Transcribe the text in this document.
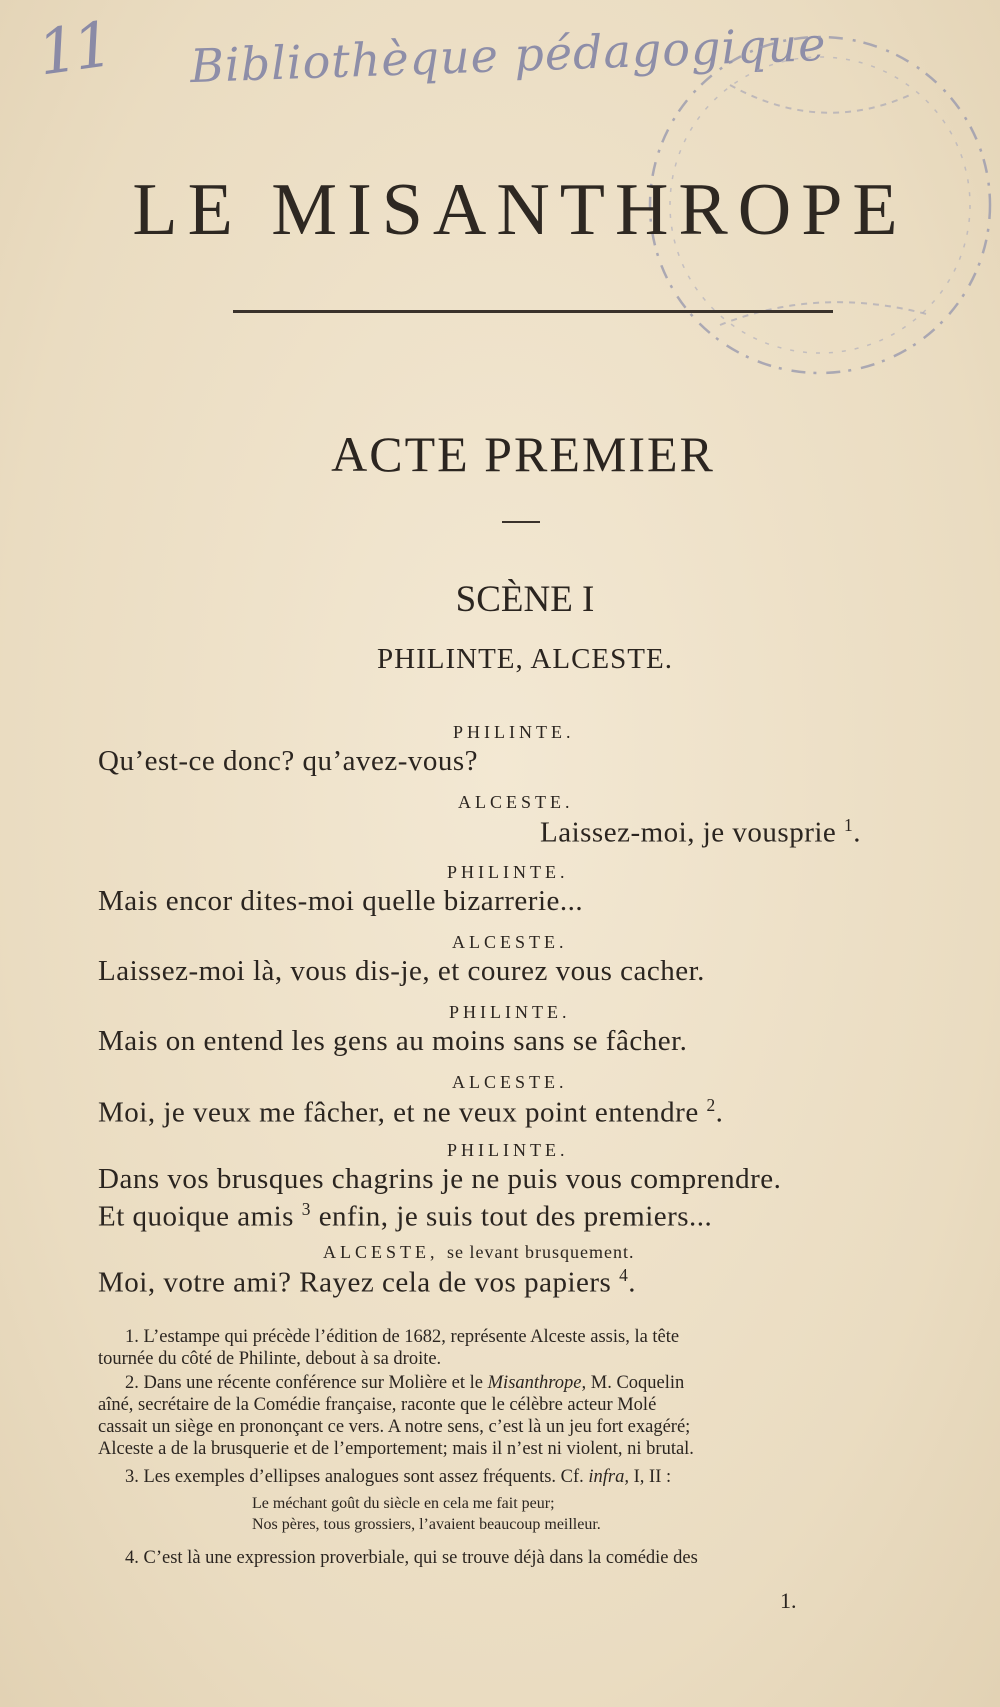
11 Bibliothèque pédagogique
LE MISANTHROPE
ACTE PREMIER
SCÈNE I
PHILINTE, ALCESTE.
PHILINTE.
Qu’est-ce donc? qu’avez-vous?
ALCESTE.
Laissez-moi, je vousprie $^1$.
PHILINTE.
Mais encor dites-moi quelle bizarrerie...
ALCESTE.
Laissez-moi là, vous dis-je, et courez vous cacher.
PHILINTE.
Mais on entend les gens au moins sans se fâcher.
ALCESTE.
Moi, je veux me fâcher, et ne veux point entendre $^2$.
PHILINTE.
Dans vos brusques chagrins je ne puis vous comprendre.
Et quoique amis $^3$ enfin, je suis tout des premiers...
ALCESTE, se levant brusquement.
Moi, votre ami? Rayez cela de vos papiers $^4$.
1. L’estampe qui précède l’édition de 1682, représente Alceste assis, la tête
tournée du côté de Philinte, debout à sa droite.
2. Dans une récente conférence sur Molière et le Misanthrope, M. Coquelin
aîné, secrétaire de la Comédie française, raconte que le célèbre acteur Molé
cassait un siège en prononçant ce vers. A notre sens, c’est là un jeu fort exagéré;
Alceste a de la brusquerie et de l’emportement; mais il n’est ni violent, ni brutal.
3. Les exemples d’ellipses analogues sont assez fréquents. Cf. infra, I, II :
Le méchant goût du siècle en cela me fait peur;
Nos pères, tous grossiers, l’avaient beaucoup meilleur.
4. C’est là une expression proverbiale, qui se trouve déjà dans la comédie des
1.
